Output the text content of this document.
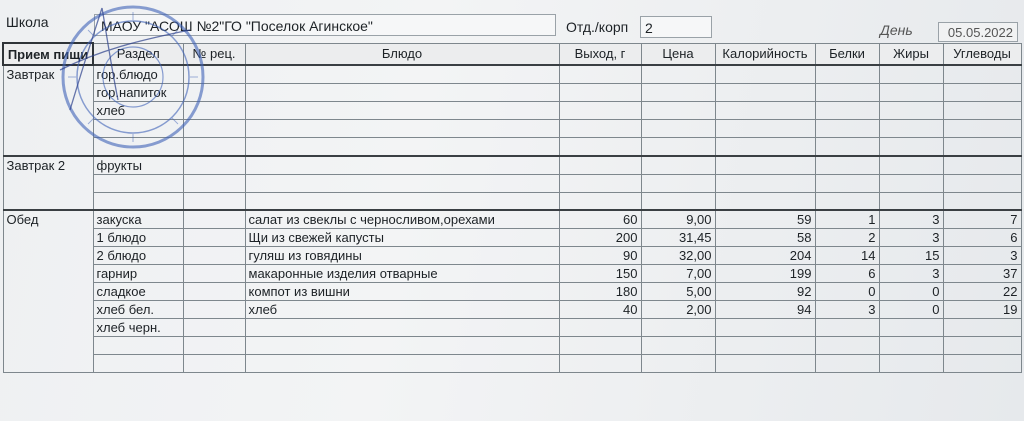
Школа	МАОУ "АСОШ №2"ГО "Поселок Агинское"	Отд./корп	2	День	05.05.2022
Прием пищи	Раздел	№ рец.	Блюдо	Выход, г	Цена	Калорийность	Белки	Жиры	Углеводы
Завтрак	гор.блюдо								
	гор.напиток								
	хлеб								

Завтрак 2	фрукты								

Обед	закуска		салат из свеклы с черносливом,орехами	60	9,00	59	1	3	7
	1 блюдо		Щи из свежей капусты	200	31,45	58	2	3	6
	2 блюдо		гуляш из говядины	90	32,00	204	14	15	3
	гарнир		макаронные изделия отварные	150	7,00	199	6	3	37
	сладкое		компот из вишни	180	5,00	92	0	0	22
	хлеб бел.		хлеб	40	2,00	94	3	0	19
	хлеб черн.								
